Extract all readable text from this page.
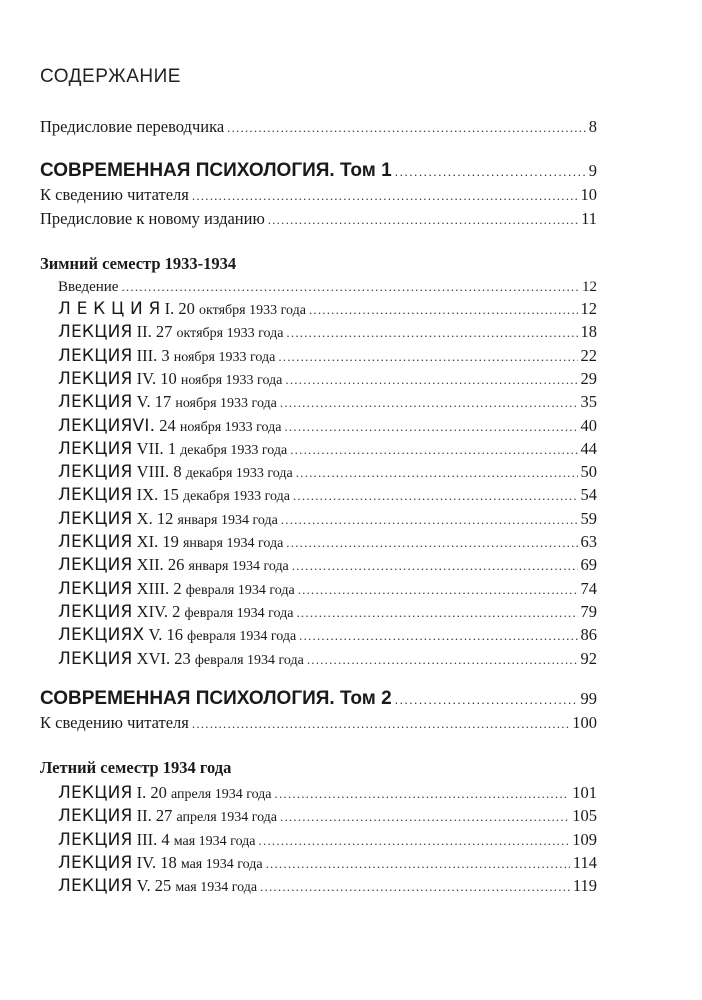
СОДЕРЖАНИЕ
Предисловие переводчика .....	8
СОВРЕМЕННАЯ ПСИХОЛОГИЯ. Том 1 .....	9
К сведению читателя .....	10
Предисловие к новому изданию .....	11
Зимний семестр 1933-1934
Введение .....	12
Л Е К Ц И Я I. 20 октября 1933 года .....	12
ЛЕКЦИЯ II. 27 октября 1933 года .....	18
ЛЕКЦИЯ III. 3 ноября 1933 года .....	22
ЛЕКЦИЯ IV. 10 ноября 1933 года .....	29
ЛЕКЦИЯ V. 17 ноября 1933 года .....	35
ЛЕКЦИЯVI. 24 ноября 1933 года .....	40
ЛЕКЦИЯ VII. 1 декабря 1933 года .....	44
ЛЕКЦИЯ VIII. 8 декабря 1933 года .....	50
ЛЕКЦИЯ IX. 15 декабря 1933 года .....	54
ЛЕКЦИЯ X. 12 января 1934 года .....	59
ЛЕКЦИЯ XI. 19 января 1934 года .....	63
ЛЕКЦИЯ XII. 26 января 1934 года .....	69
ЛЕКЦИЯ XIII. 2 февраля 1934 года .....	74
ЛЕКЦИЯ XIV. 2 февраля 1934 года .....	79
ЛЕКЦИЯХ V. 16 февраля 1934 года .....	86
ЛЕКЦИЯ XVI. 23 февраля 1934 года .....	92
СОВРЕМЕННАЯ ПСИХОЛОГИЯ. Том 2 .....	99
К сведению читателя .....	100
Летний семестр 1934 года
ЛЕКЦИЯ I. 20 апреля 1934 года .....	101
ЛЕКЦИЯ II. 27 апреля 1934 года .....	105
ЛЕКЦИЯ III. 4 мая 1934 года .....	109
ЛЕКЦИЯ IV. 18 мая 1934 года .....	114
ЛЕКЦИЯ V. 25 мая 1934 года .....	119
